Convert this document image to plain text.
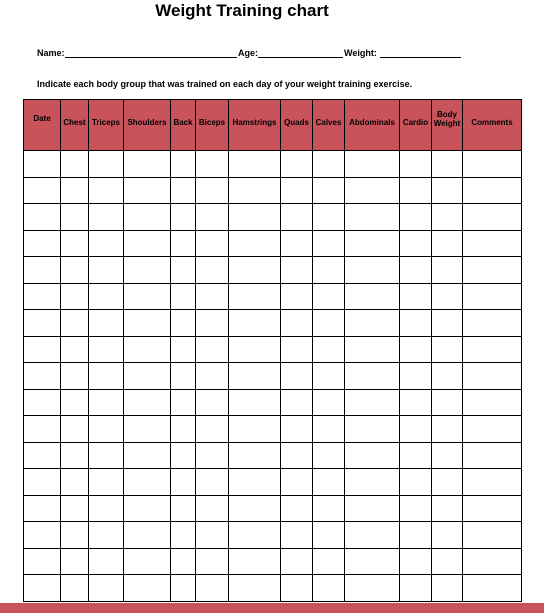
Weight Training chart
Name:	Age:	Weight:
Indicate each body group that was trained on each day of your weight training exercise.
Date	Chest	Triceps	Shoulders	Back	Biceps	Hamstrings	Quads	Calves	Abdominals	Cardio	Body Weight	Comments
